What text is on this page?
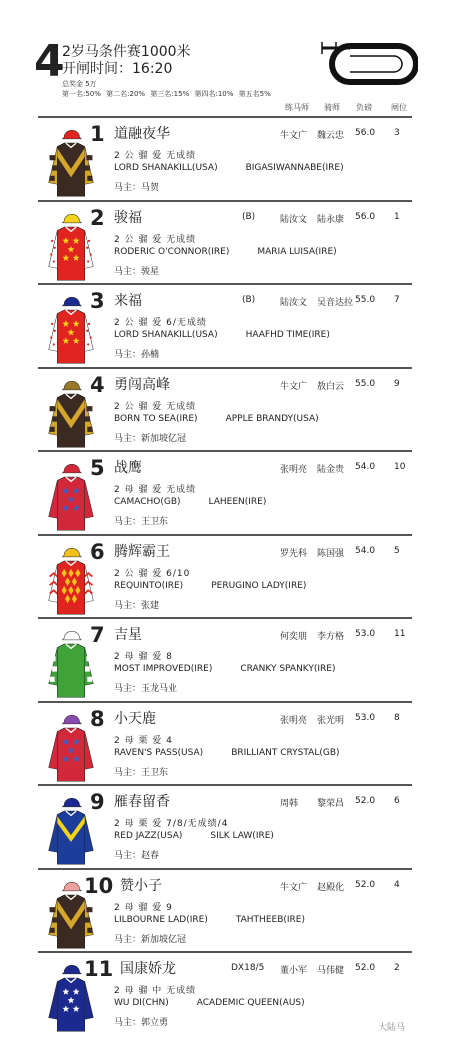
4
2岁马条件赛1000米
开闸时间：16:20
总奖金 5万
第一名:50% 第二名:20% 第三名:15% 第四名:10% 第五名5%
练马师 骑师 负磅 闸位
1 道融夜华	牛文广 魏云忠 56.0 3
2 公 骝 爱 无成绩
LORD SHANAKILL(USA)	BIGASIWANNABE(IRE)
马主：马贺
2 骏福	(B)	陆汝文 陆永康 56.0 1
2 公 骝 爱 无成绩
RODERIC O'CONNOR(IRE)	MARIA LUISA(IRE)
马主：骏星
3 来福	(B)	陆汝文 吴音达拉 55.0 7
2 公 骝 爱 6/无成绩
LORD SHANAKILL(USA)	HAAFHD TIME(IRE)
马主：孙楠
4 勇闯高峰	牛文广 敖白云 55.0 9
2 公 骝 爱 无成绩
BORN TO SEA(IRE)	APPLE BRANDY(USA)
马主：新加坡亿冠
5 战鹰	张明亮 陆金贵 54.0 10
2 母 骝 爱 无成绩
CAMACHO(GB)	LAHEEN(IRE)
马主：王卫东
6 腾辉霸王	罗先科 陈国强 54.0 5
2 公 骝 爱 6/10
REQUINTO(IRE)	PERUGINO LADY(IRE)
马主：张建
7 吉星	何奕朋 李方格 53.0 11
2 母 骝 爱 8
MOST IMPROVED(IRE)	CRANKY SPANKY(IRE)
马主：玉龙马业
8 小天鹿	张明亮 张光明 53.0 8
2 母 栗 爱 4
RAVEN'S PASS(USA)	BRILLIANT CRYSTAL(GB)
马主：王卫东
9 雁春留香	周韩 黎荣昌 52.0 6
2 母 栗 爱 7/8/无成绩/4
RED JAZZ(USA)	SILK LAW(IRE)
马主：赵春
10 赞小子	牛文广 赵殿化 52.0 4
2 母 骝 爱 9
LILBOURNE LAD(IRE)	TAHTHEEB(IRE)
马主：新加坡亿冠
11 国康娇龙	DX18/5 董小军 马伟健 52.0 2
2 母 骝 中 无成绩
WU DI(CHN)	ACADEMIC QUEEN(AUS)
马主：郭立勇	大陆马
